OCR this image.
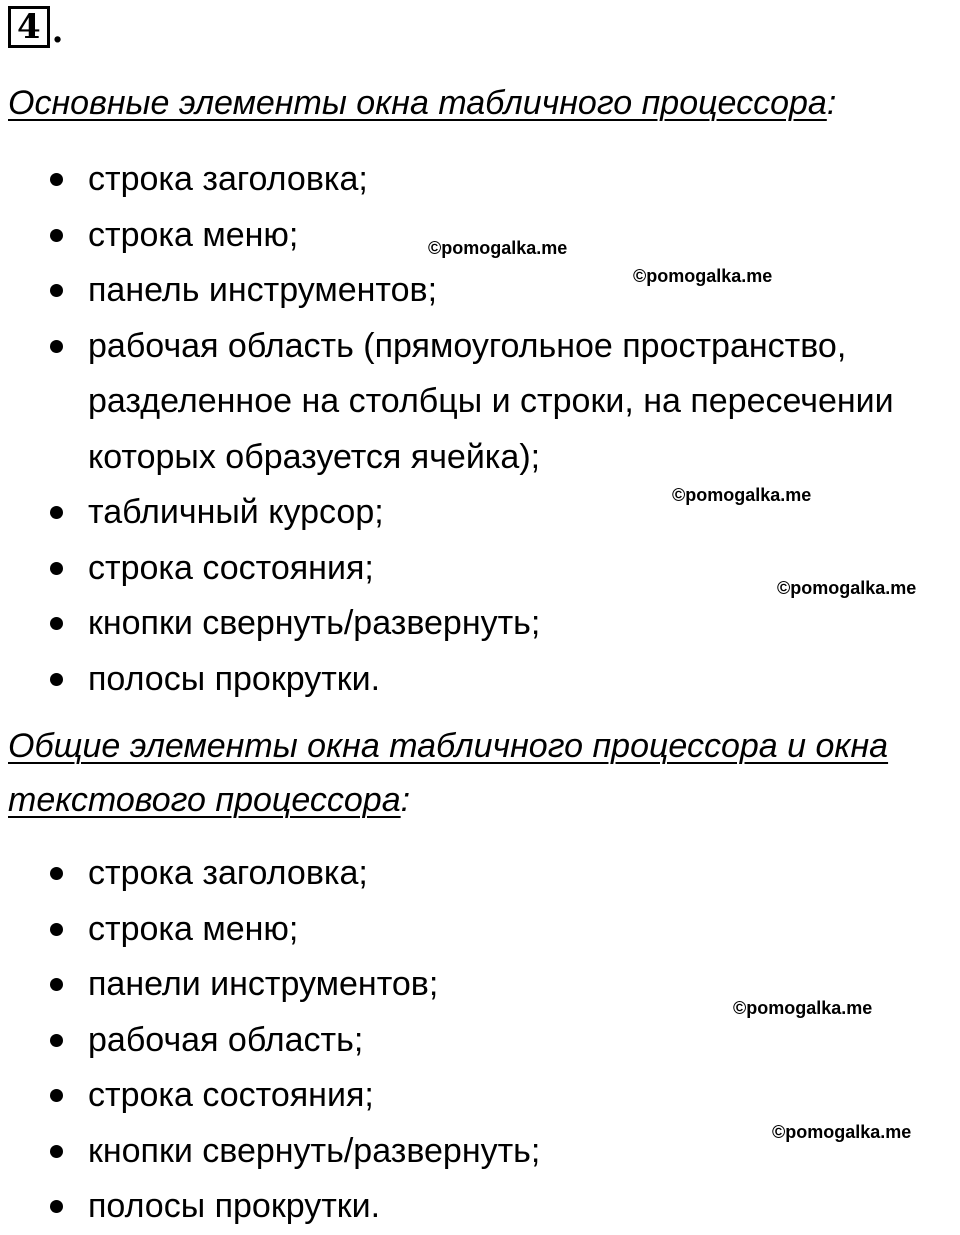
4 .
Основные элементы окна табличного процессора:
строка заголовка;
строка меню;
панель инструментов;
рабочая область (прямоугольное пространство, разделенное на столбцы и строки, на пересечении которых образуется ячейка);
табличный курсор;
строка состояния;
кнопки свернуть/развернуть;
полосы прокрутки.
Общие элементы окна табличного процессора и окна текстового процессора:
строка заголовка;
строка меню;
панели инструментов;
рабочая область;
строка состояния;
кнопки свернуть/развернуть;
полосы прокрутки.
©pomogalka.me
©pomogalka.me
©pomogalka.me
©pomogalka.me
©pomogalka.me
©pomogalka.me
